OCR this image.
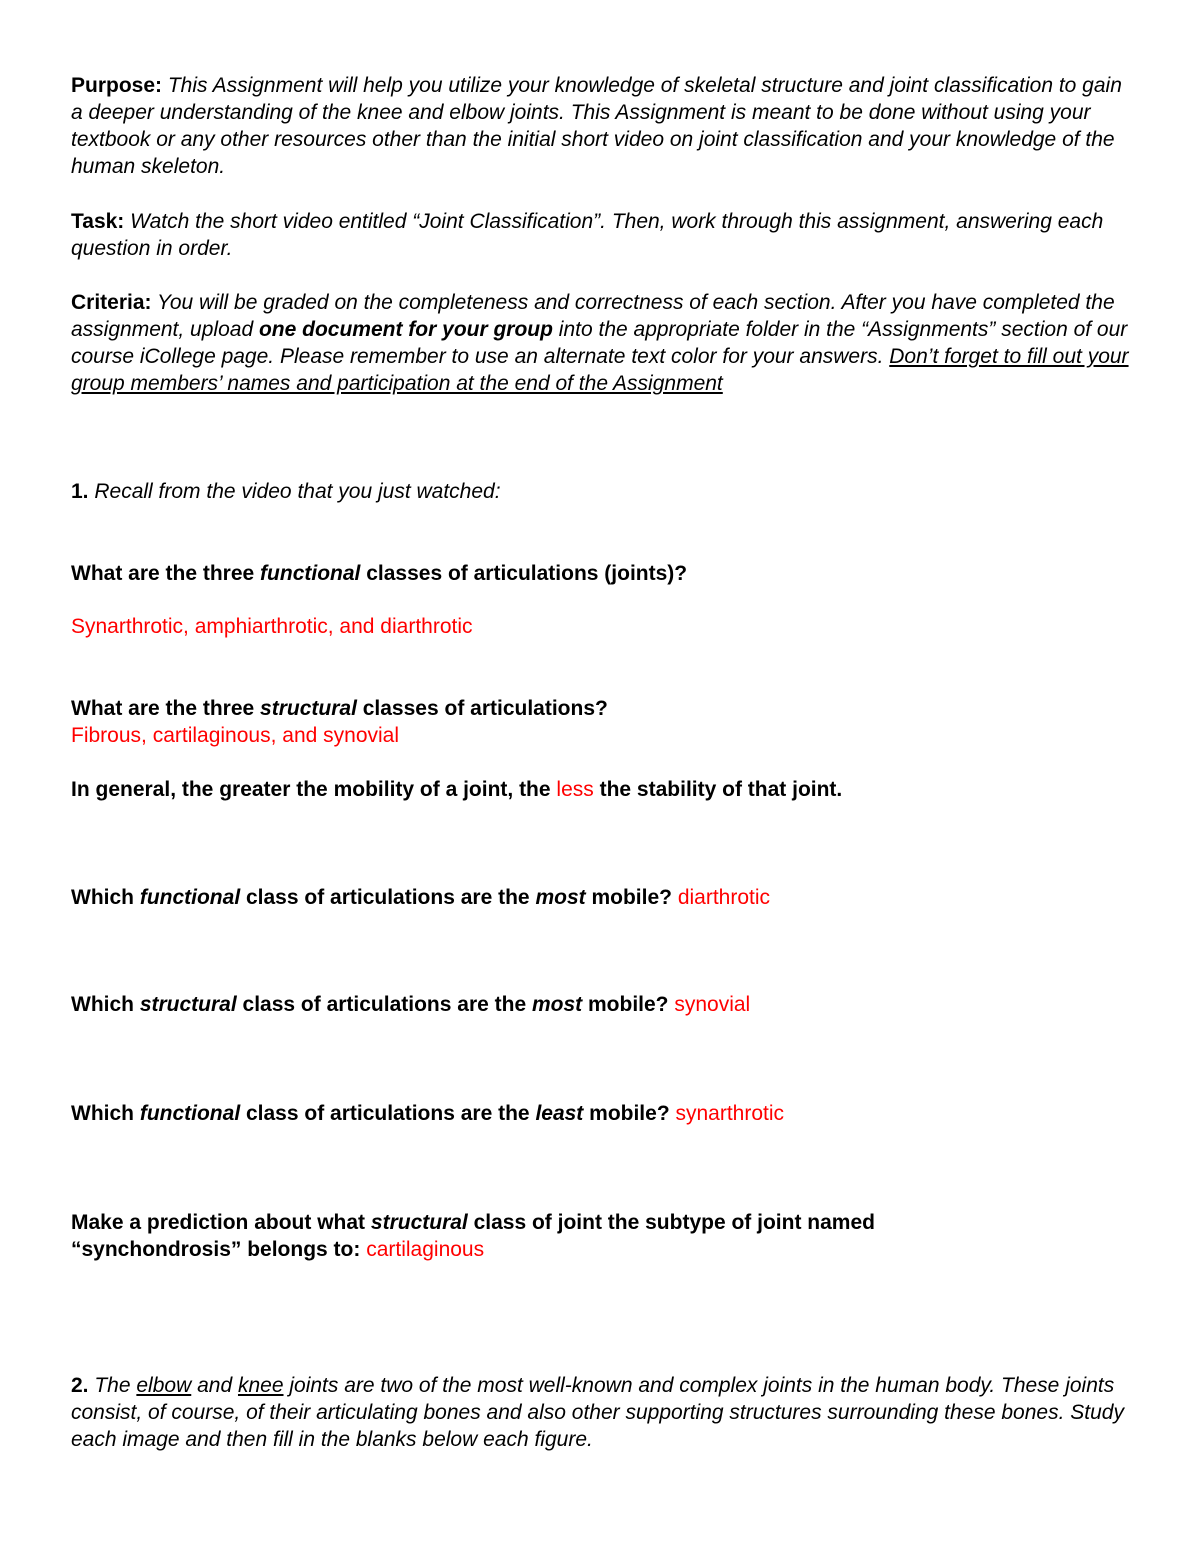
Purpose: This Assignment will help you utilize your knowledge of skeletal structure and joint classification to gain a deeper understanding of the knee and elbow joints. This Assignment is meant to be done without using your textbook or any other resources other than the initial short video on joint classification and your knowledge of the human skeleton.
Task: Watch the short video entitled “Joint Classification”. Then, work through this assignment, answering each question in order.
Criteria: You will be graded on the completeness and correctness of each section. After you have completed the assignment, upload one document for your group into the appropriate folder in the “Assignments” section of our course iCollege page. Please remember to use an alternate text color for your answers. Don’t forget to fill out your group members’ names and participation at the end of the Assignment
1. Recall from the video that you just watched:
What are the three functional classes of articulations (joints)?
Synarthrotic, amphiarthrotic, and diarthrotic
What are the three structural classes of articulations?
Fibrous, cartilaginous, and synovial
In general, the greater the mobility of a joint, the less the stability of that joint.
Which functional class of articulations are the most mobile? diarthrotic
Which structural class of articulations are the most mobile? synovial
Which functional class of articulations are the least mobile? synarthrotic
Make a prediction about what structural class of joint the subtype of joint named “synchondrosis” belongs to: cartilaginous
2. The elbow and knee joints are two of the most well-known and complex joints in the human body. These joints consist, of course, of their articulating bones and also other supporting structures surrounding these bones. Study each image and then fill in the blanks below each figure.
